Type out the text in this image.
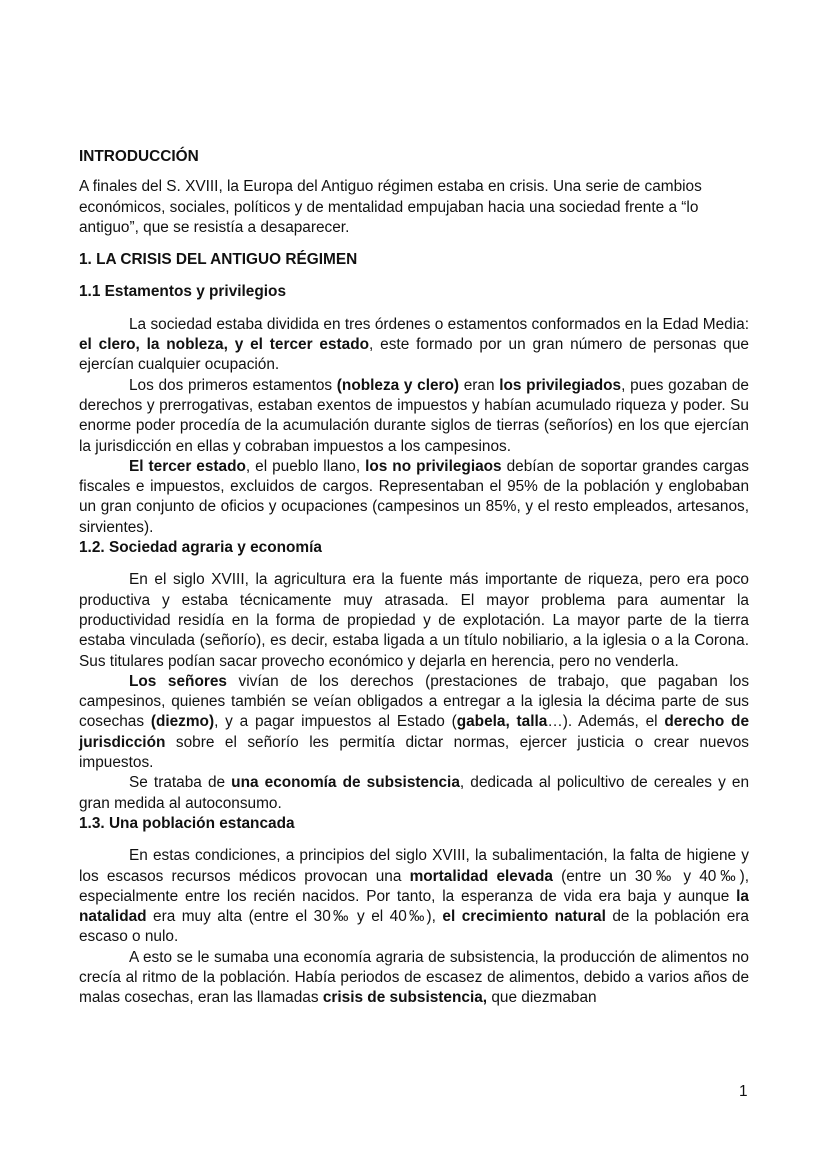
INTRODUCCIÓN

A finales del S. XVIII, la Europa del Antiguo régimen estaba en crisis. Una serie de cambios económicos, sociales, políticos y de mentalidad empujaban hacia una sociedad frente a “lo antiguo”, que se resistía a desaparecer.

1. LA CRISIS DEL ANTIGUO RÉGIMEN
1.1 Estamentos y privilegios

La sociedad estaba dividida en tres órdenes o estamentos conformados en la Edad Media: el clero, la nobleza, y el tercer estado, este formado por un gran número de personas que ejercían cualquier ocupación.

Los dos primeros estamentos (nobleza y clero) eran los privilegiados, pues gozaban de derechos y prerrogativas, estaban exentos de impuestos y habían acumulado riqueza y poder. Su enorme poder procedía de la acumulación durante siglos de tierras (señoríos) en los que ejercían la jurisdicción en ellas y cobraban impuestos a los campesinos.

El tercer estado, el pueblo llano, los no privilegiaos debían de soportar grandes cargas fiscales e impuestos, excluidos de cargos. Representaban el 95% de la población y englobaban un gran conjunto de oficios y ocupaciones (campesinos un 85%, y el resto empleados, artesanos, sirvientes).

1.2. Sociedad agraria y economía

En el siglo XVIII, la agricultura era la fuente más importante de riqueza, pero era poco productiva y estaba técnicamente muy atrasada. El mayor problema para aumentar la productividad residía en la forma de propiedad y de explotación. La mayor parte de la tierra estaba vinculada (señorío), es decir, estaba ligada a un título nobiliario, a la iglesia o a la Corona. Sus titulares podían sacar provecho económico y dejarla en herencia, pero no venderla.

Los señores vivían de los derechos (prestaciones de trabajo, que pagaban los campesinos, quienes también se veían obligados a entregar a la iglesia la décima parte de sus cosechas (diezmo), y a pagar impuestos al Estado (gabela, talla…). Además, el derecho de jurisdicción sobre el señorío les permitía dictar normas, ejercer justicia o crear nuevos impuestos.

Se trataba de una economía de subsistencia, dedicada al policultivo de cereales y en gran medida al autoconsumo.

1.3. Una población estancada

En estas condiciones, a principios del siglo XVIII, la subalimentación, la falta de higiene y los escasos recursos médicos provocan una mortalidad elevada (entre un 30‰ y 40‰), especialmente entre los recién nacidos. Por tanto, la esperanza de vida era baja y aunque la natalidad era muy alta (entre el 30‰ y el 40‰), el crecimiento natural de la población era escaso o nulo.

A esto se le sumaba una economía agraria de subsistencia, la producción de alimentos no crecía al ritmo de la población. Había periodos de escasez de alimentos, debido a varios años de malas cosechas, eran las llamadas crisis de subsistencia, que diezmaban

1
